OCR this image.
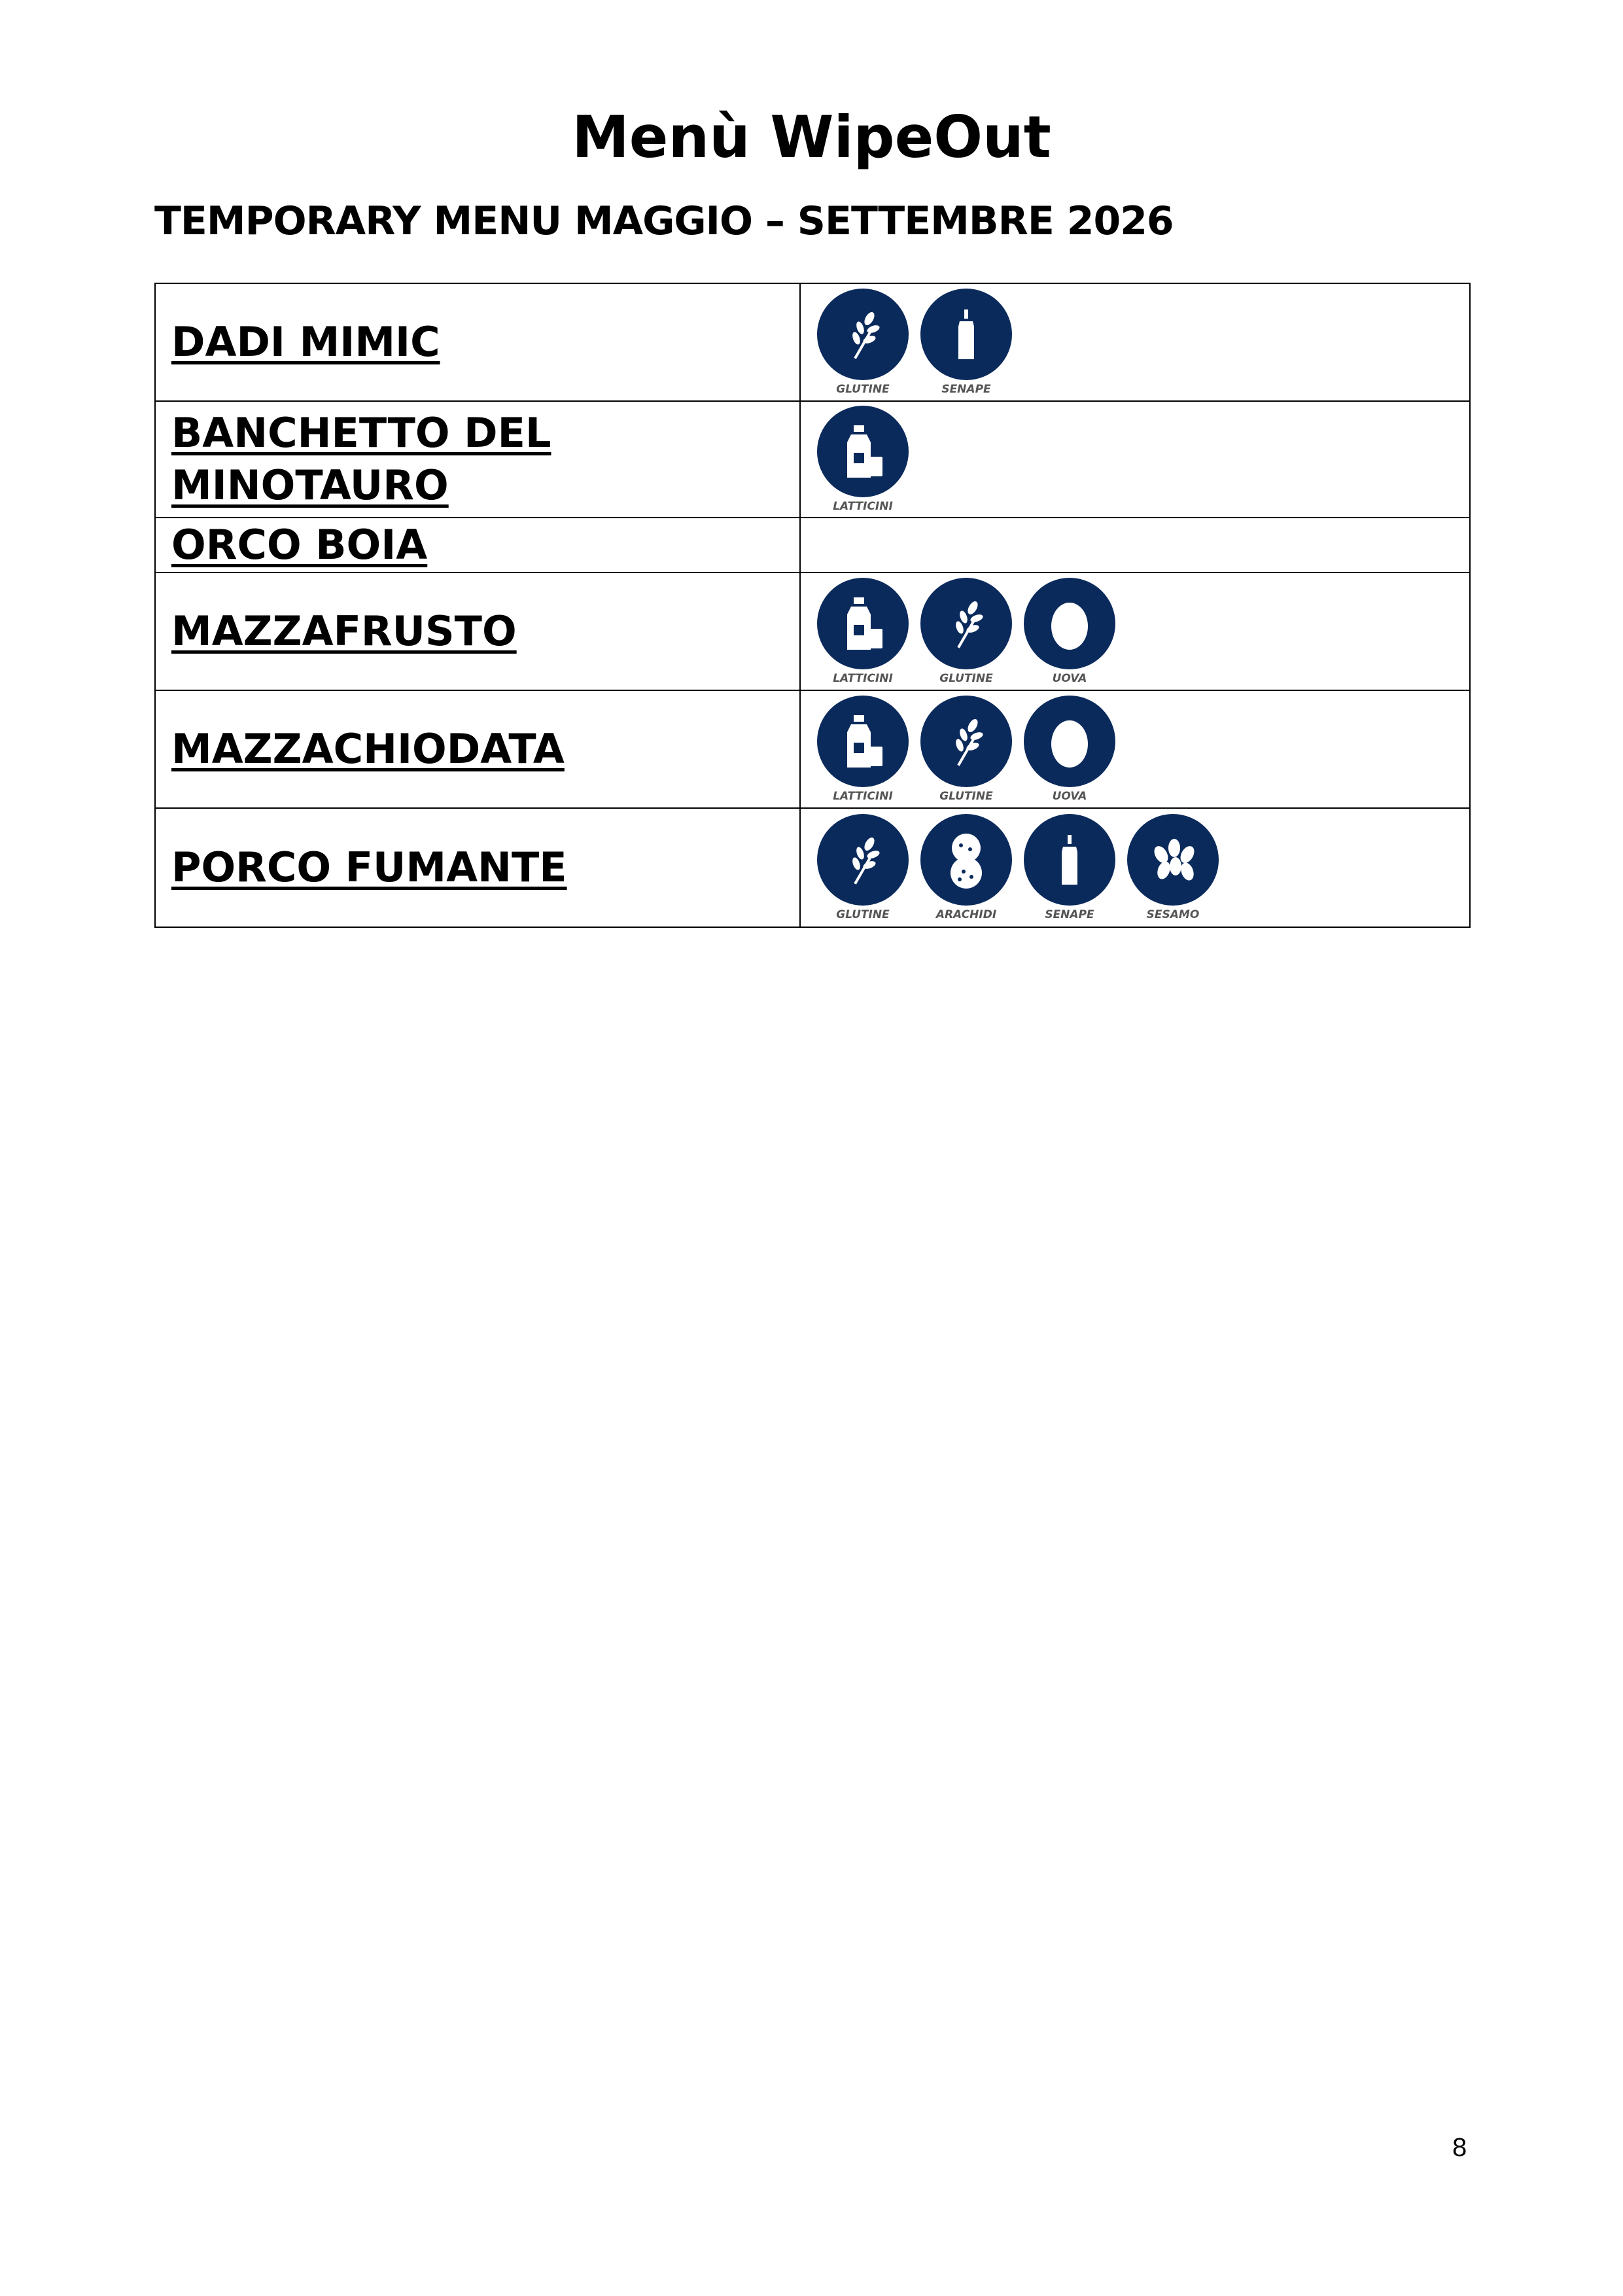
Menù WipeOut
TEMPORARY MENU MAGGIO – SETTEMBRE 2026
DADI MIMIC	GLUTINE SENAPE

BANCHETTO DEL MINOTAURO	LATTICINI

ORCO BOIA	

MAZZAFRUSTO	LATTICINI GLUTINE UOVA

MAZZACHIODATA	LATTICINI GLUTINE UOVA

PORCO FUMANTE	GLUTINE ARACHIDI SENAPE SESAMO
8
